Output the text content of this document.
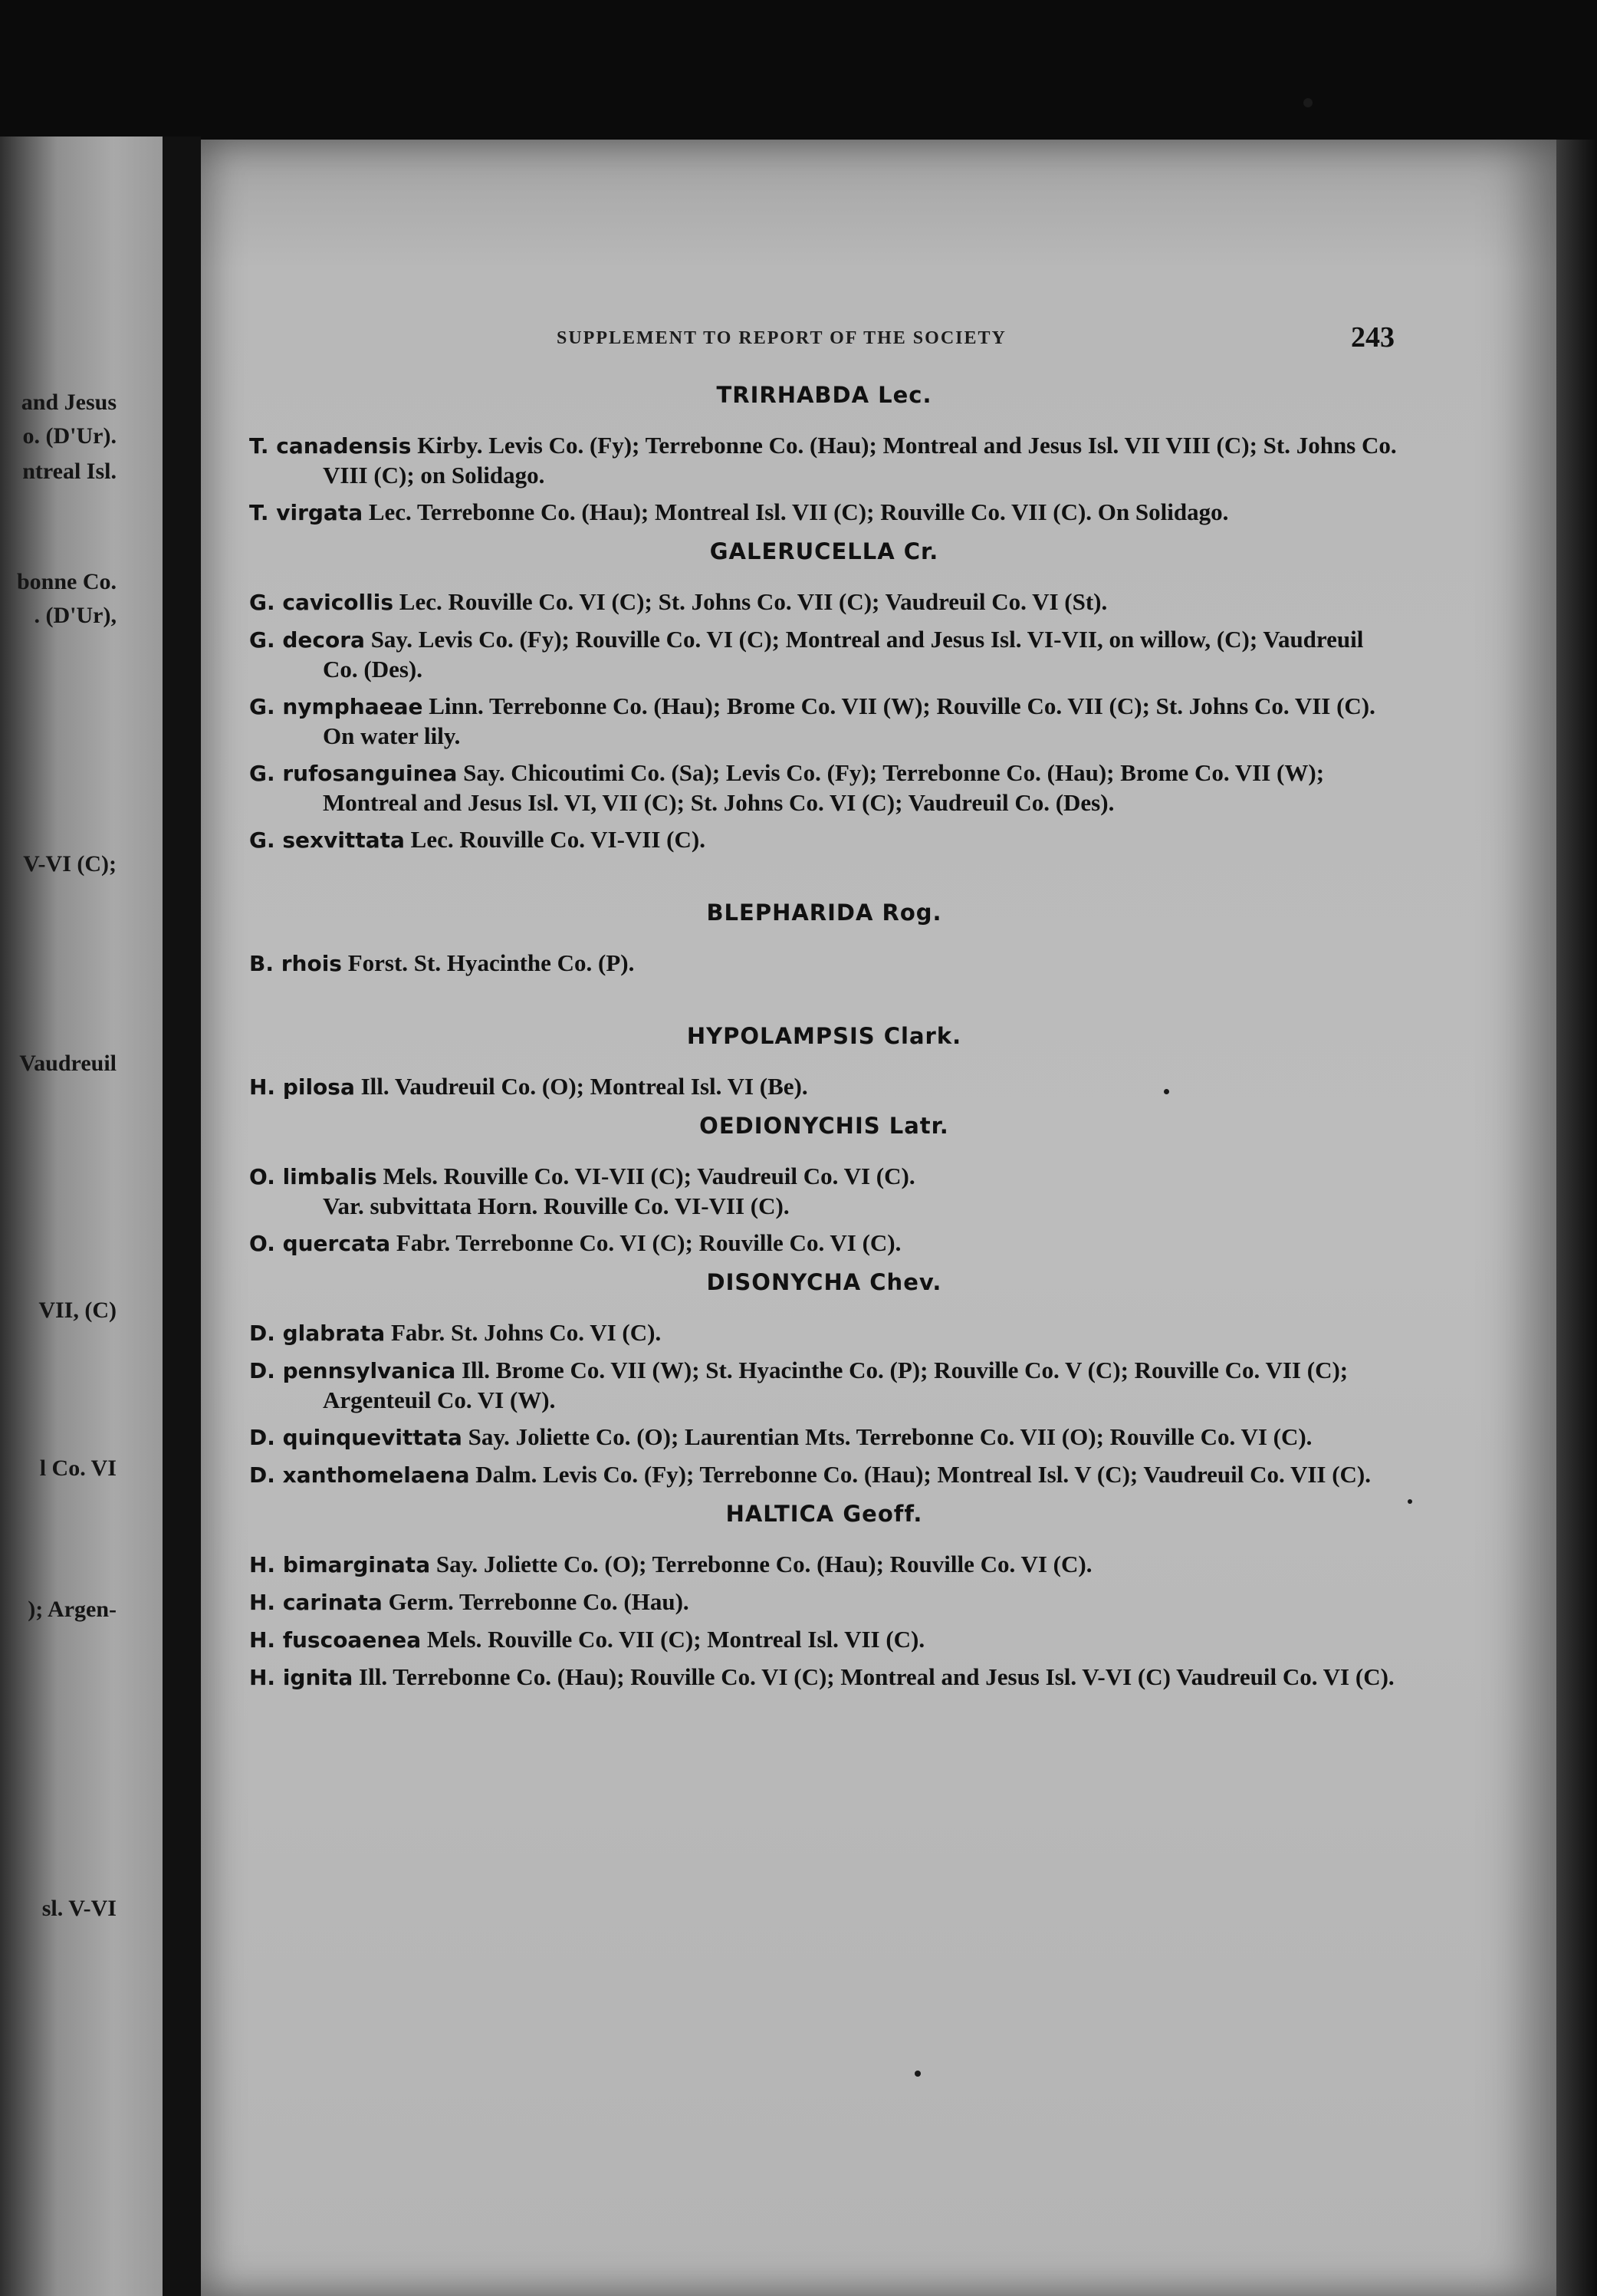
and Jesus
o. (D'Ur).
ntreal Isl.
bonne Co.
. (D'Ur),
V-VI (C);
Vaudreuil
VII, (C)
l Co. VI
); Argen-
sl. V-VI
SUPPLEMENT TO REPORT OF THE SOCIETY	243
TRIRHABDA Lec.
T. canadensis Kirby. Levis Co. (Fy); Terrebonne Co. (Hau); Montreal and Jesus Isl. VII VIII (C); St. Johns Co. VIII (C); on Solidago.
T. virgata Lec. Terrebonne Co. (Hau); Montreal Isl. VII (C); Rouville Co. VII (C). On Solidago.
GALERUCELLA Cr.
G. cavicollis Lec. Rouville Co. VI (C); St. Johns Co. VII (C); Vaudreuil Co. VI (St).
G. decora Say. Levis Co. (Fy); Rouville Co. VI (C); Montreal and Jesus Isl. VI-VII, on willow, (C); Vaudreuil Co. (Des).
G. nymphaeae Linn. Terrebonne Co. (Hau); Brome Co. VII (W); Rouville Co. VII (C); St. Johns Co. VII (C). On water lily.
G. rufosanguinea Say. Chicoutimi Co. (Sa); Levis Co. (Fy); Terrebonne Co. (Hau); Brome Co. VII (W); Montreal and Jesus Isl. VI, VII (C); St. Johns Co. VI (C); Vaudreuil Co. (Des).
G. sexvittata Lec. Rouville Co. VI-VII (C).
BLEPHARIDA Rog.
B. rhois Forst. St. Hyacinthe Co. (P).
HYPOLAMPSIS Clark.
H. pilosa Ill. Vaudreuil Co. (O); Montreal Isl. VI (Be).
OEDIONYCHIS Latr.
O. limbalis Mels. Rouville Co. VI-VII (C); Vaudreuil Co. VI (C).
Var. subvittata Horn. Rouville Co. VI-VII (C).
O. quercata Fabr. Terrebonne Co. VI (C); Rouville Co. VI (C).
DISONYCHA Chev.
D. glabrata Fabr. St. Johns Co. VI (C).
D. pennsylvanica Ill. Brome Co. VII (W); St. Hyacinthe Co. (P); Rouville Co. V (C); Rouville Co. VII (C); Argenteuil Co. VI (W).
D. quinquevittata Say. Joliette Co. (O); Laurentian Mts. Terrebonne Co. VII (O); Rouville Co. VI (C).
D. xanthomelaena Dalm. Levis Co. (Fy); Terrebonne Co. (Hau); Montreal Isl. V (C); Vaudreuil Co. VII (C).
HALTICA Geoff.
H. bimarginata Say. Joliette Co. (O); Terrebonne Co. (Hau); Rouville Co. VI (C).
H. carinata Germ. Terrebonne Co. (Hau).
H. fuscoaenea Mels. Rouville Co. VII (C); Montreal Isl. VII (C).
H. ignita Ill. Terrebonne Co. (Hau); Rouville Co. VI (C); Montreal and Jesus Isl. V-VI (C) Vaudreuil Co. VI (C).
